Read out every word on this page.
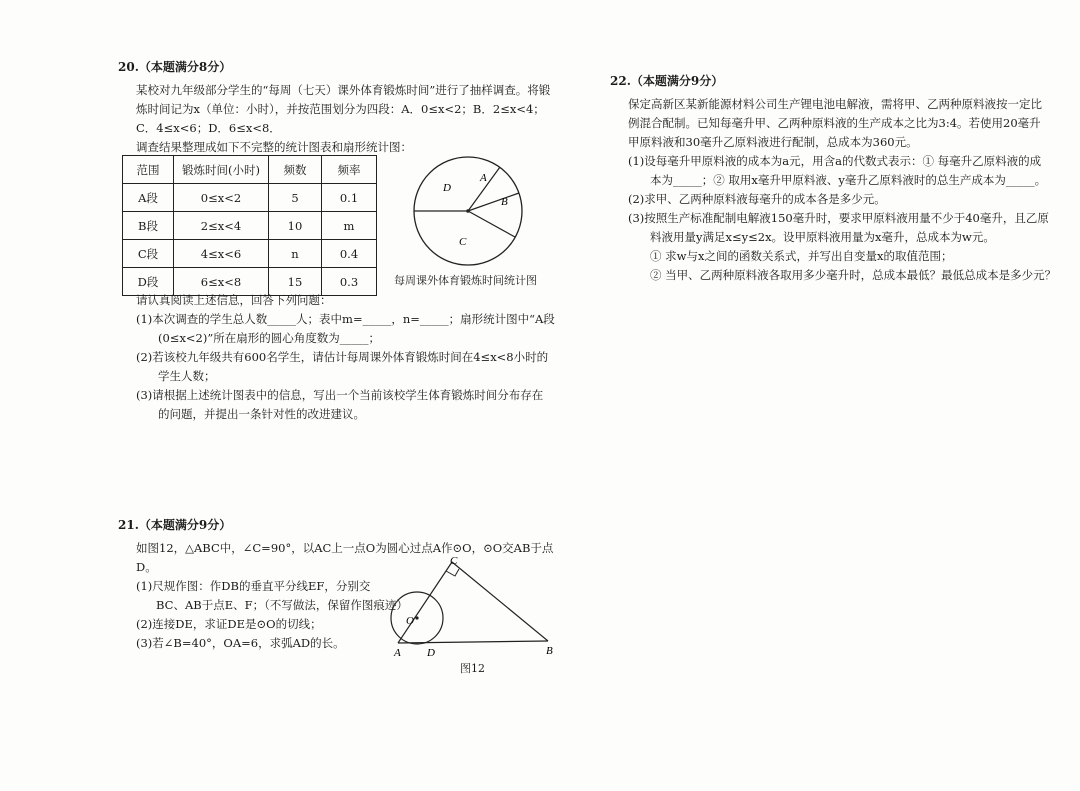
20.（本题满分8分）

某校对九年级部分学生的“每周（七天）课外体育锻炼时间”进行了抽样调查。将锻

炼时间记为x（单位：小时），并按范围划分为四段：A．0≤x<2；B．2≤x<4；

C．4≤x<6；D．6≤x<8．

调查结果整理成如下不完整的统计图表和扇形统计图：

范围	锻炼时间(小时)	频数	频率
A段	0≤x<2	5	0.1
B段	2≤x<4	10	m
C段	4≤x<6	n	0.4
D段	6≤x<8	15	0.3
A
B
C
D
每周课外体育锻炼时间统计图

请认真阅读上述信息，回答下列问题：

(1)本次调查的学生总人数_____人；表中m=_____，n=_____；扇形统计图中“A段

(0≤x<2)”所在扇形的圆心角度数为_____；

(2)若该校九年级共有600名学生，请估计每周课外体育锻炼时间在4≤x<8小时的

学生人数；

(3)请根据上述统计图表中的信息，写出一个当前该校学生体育锻炼时间分布存在

的问题，并提出一条针对性的改进建议。

21.（本题满分9分）

如图12，△ABC中，∠C=90°，以AC上一点O为圆心过点A作⊙O，⊙O交AB于点D。

(1)尺规作图：作DB的垂直平分线EF，分别交

BC、AB于点E、F；（不写做法，保留作图痕迹）

(2)连接DE，求证DE是⊙O的切线；

(3)若∠B=40°，OA=6，求弧AD的长。

C
O
A D	B
图12
22.（本题满分9分）

保定高新区某新能源材料公司生产锂电池电解液，需将甲、乙两种原料液按一定比

例混合配制。已知每毫升甲、乙两种原料液的生产成本之比为3:4。若使用20毫升

甲原料液和30毫升乙原料液进行配制，总成本为360元。

(1)设每毫升甲原料液的成本为a元，用含a的代数式表示：① 每毫升乙原料液的成

本为_____；② 取用x毫升甲原料液、y毫升乙原料液时的总生产成本为_____。

(2)求甲、乙两种原料液每毫升的成本各是多少元。

(3)按照生产标准配制电解液150毫升时，要求甲原料液用量不少于40毫升，且乙原

料液用量y满足x≤y≤2x。设甲原料液用量为x毫升，总成本为w元。

① 求w与x之间的函数关系式，并写出自变量x的取值范围；

② 当甲、乙两种原料液各取用多少毫升时，总成本最低？最低总成本是多少元？
